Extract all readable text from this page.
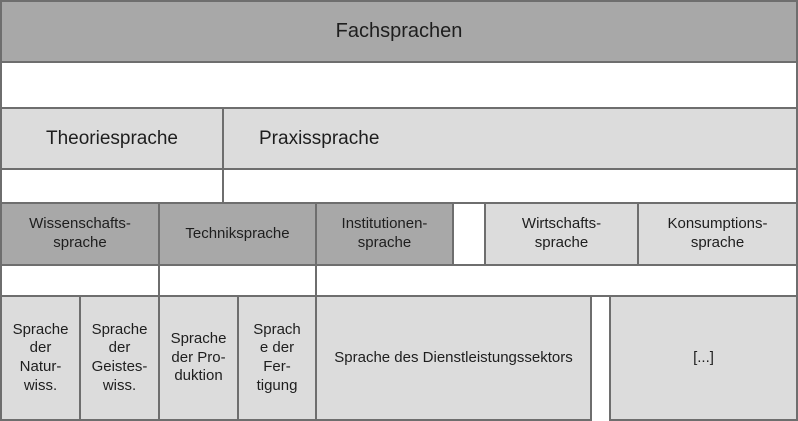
Fachsprachen
Theoriesprache	Praxissprache
Wissenschafts-
sprache
Techniksprache
Institutionen-
sprache
Wirtschafts-
sprache
Konsumptions-
sprache
Sprache
der
Natur-
wiss.
Sprache
der
Geistes-
wiss.
Sprache
der Pro-
duktion
Sprach
e der
Fer-
tigung
Sprache des Dienstleistungssektors	[...]
